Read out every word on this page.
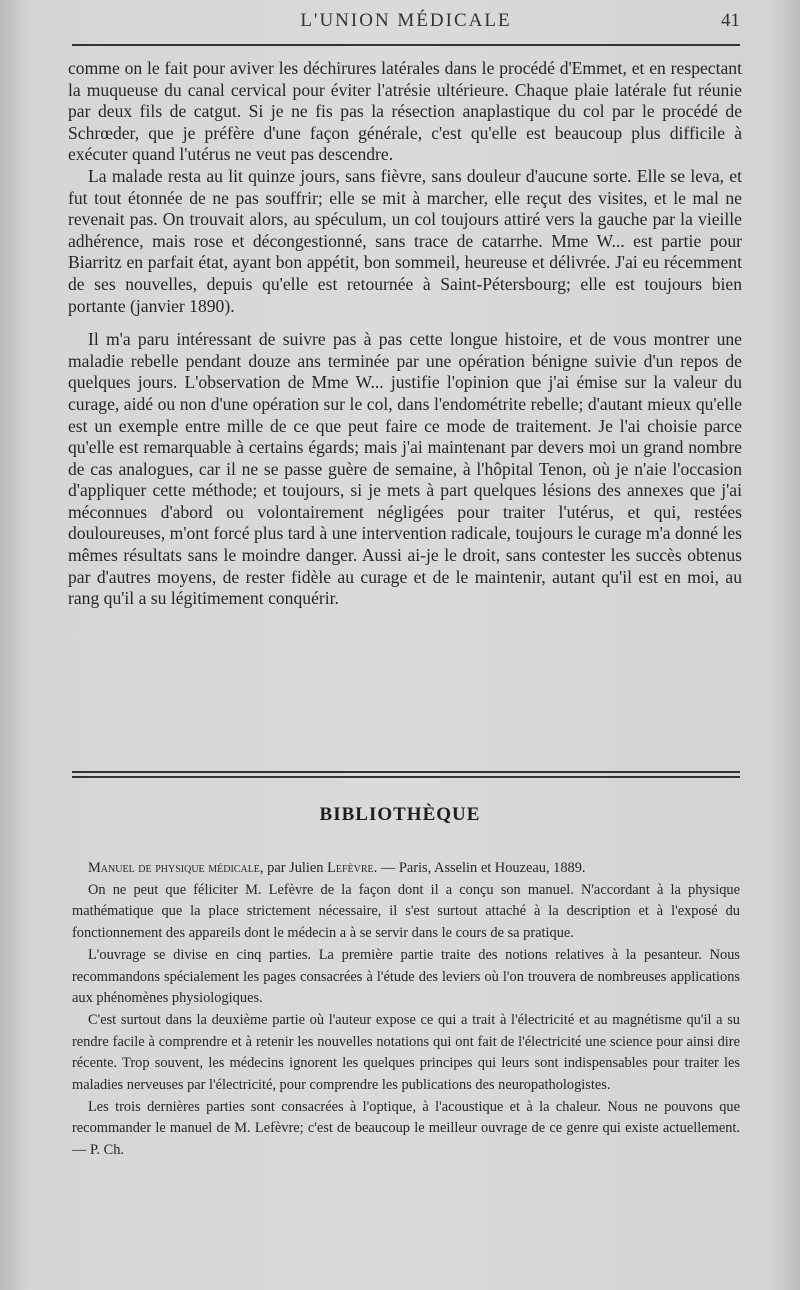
L'UNION MÉDICALE	41

comme on le fait pour aviver les déchirures latérales dans le procédé d'Emmet, et en respectant la muqueuse du canal cervical pour éviter l'atrésie ultérieure. Chaque plaie latérale fut réunie par deux fils de catgut. Si je ne fis pas la résection anaplastique du col par le procédé de Schrœder, que je préfère d'une façon générale, c'est qu'elle est beaucoup plus difficile à exécuter quand l'utérus ne veut pas descendre.

La malade resta au lit quinze jours, sans fièvre, sans douleur d'aucune sorte. Elle se leva, et fut tout étonnée de ne pas souffrir; elle se mit à marcher, elle reçut des visites, et le mal ne revenait pas. On trouvait alors, au spéculum, un col toujours attiré vers la gauche par la vieille adhérence, mais rose et décongestionné, sans trace de catarrhe. Mme W... est partie pour Biarritz en parfait état, ayant bon appétit, bon sommeil, heureuse et délivrée. J'ai eu récemment de ses nouvelles, depuis qu'elle est retournée à Saint-Pétersbourg; elle est toujours bien portante (janvier 1890).

Il m'a paru intéressant de suivre pas à pas cette longue histoire, et de vous montrer une maladie rebelle pendant douze ans terminée par une opération bénigne suivie d'un repos de quelques jours. L'observation de Mme W... justifie l'opinion que j'ai émise sur la valeur du curage, aidé ou non d'une opération sur le col, dans l'endométrite rebelle; d'autant mieux qu'elle est un exemple entre mille de ce que peut faire ce mode de traitement. Je l'ai choisie parce qu'elle est remarquable à certains égards; mais j'ai maintenant par devers moi un grand nombre de cas analogues, car il ne se passe guère de semaine, à l'hôpital Tenon, où je n'aie l'occasion d'appliquer cette méthode; et toujours, si je mets à part quelques lésions des annexes que j'ai méconnues d'abord ou volontairement négligées pour traiter l'utérus, et qui, restées douloureuses, m'ont forcé plus tard à une intervention radicale, toujours le curage m'a donné les mêmes résultats sans le moindre danger. Aussi ai-je le droit, sans contester les succès obtenus par d'autres moyens, de rester fidèle au curage et de le maintenir, autant qu'il est en moi, au rang qu'il a su légitimement conquérir.

BIBLIOTHÈQUE

Manuel de physique médicale, par Julien Lefèvre. — Paris, Asselin et Houzeau, 1889.

On ne peut que féliciter M. Lefèvre de la façon dont il a conçu son manuel. N'accordant à la physique mathématique que la place strictement nécessaire, il s'est surtout attaché à la description et à l'exposé du fonctionnement des appareils dont le médecin a à se servir dans le cours de sa pratique.

L'ouvrage se divise en cinq parties. La première partie traite des notions relatives à la pesanteur. Nous recommandons spécialement les pages consacrées à l'étude des leviers où l'on trouvera de nombreuses applications aux phénomènes physiologiques.

C'est surtout dans la deuxième partie où l'auteur expose ce qui a trait à l'électricité et au magnétisme qu'il a su rendre facile à comprendre et à retenir les nouvelles notations qui ont fait de l'électricité une science pour ainsi dire récente. Trop souvent, les médecins ignorent les quelques principes qui leurs sont indispensables pour traiter les maladies nerveuses par l'électricité, pour comprendre les publications des neuropathologistes.

Les trois dernières parties sont consacrées à l'optique, à l'acoustique et à la chaleur. Nous ne pouvons que recommander le manuel de M. Lefèvre; c'est de beaucoup le meilleur ouvrage de ce genre qui existe actuellement. — P. Ch.
